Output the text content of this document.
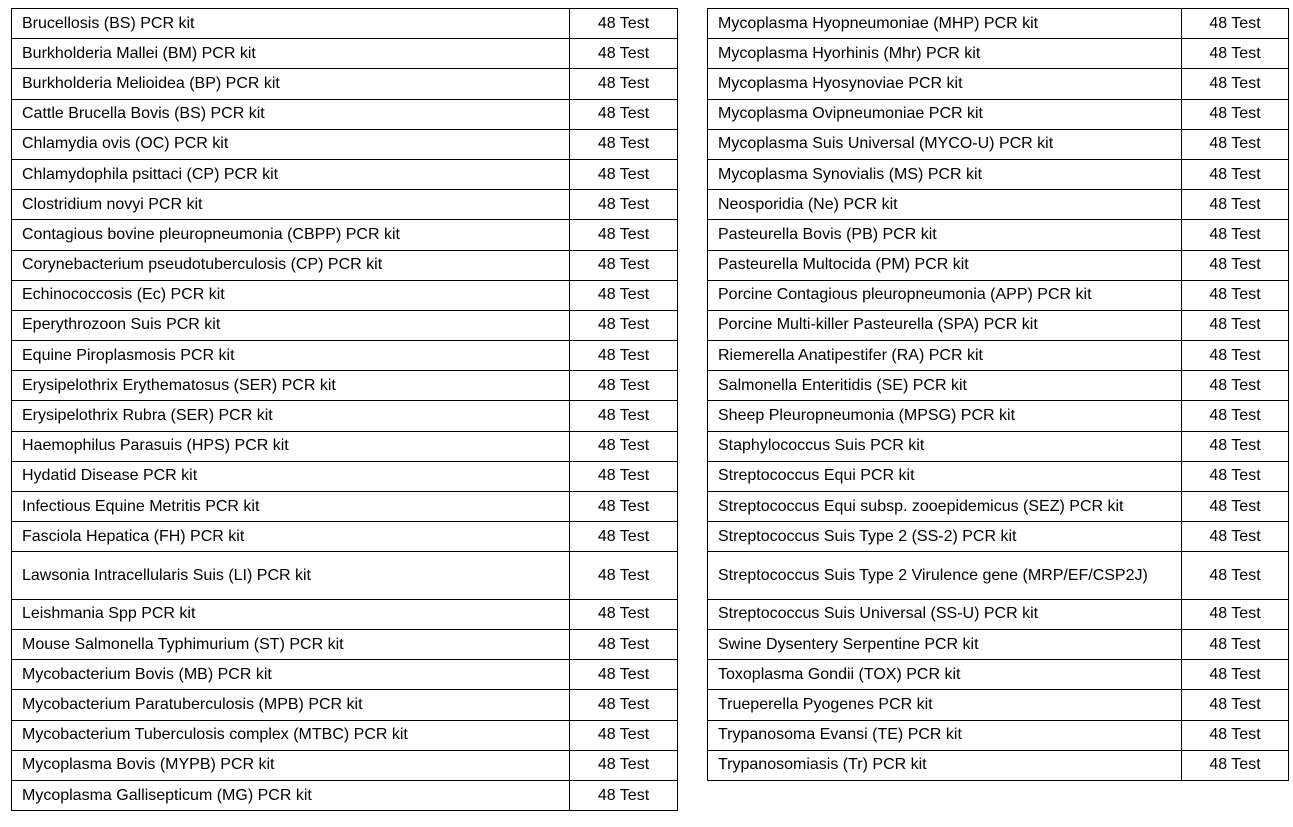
Brucellosis (BS) PCR kit	48 Test
Burkholderia Mallei (BM) PCR kit	48 Test
Burkholderia Melioidea (BP) PCR kit	48 Test
Cattle Brucella Bovis (BS) PCR kit	48 Test
Chlamydia ovis (OC) PCR kit	48 Test
Chlamydophila psittaci (CP) PCR kit	48 Test
Clostridium novyi PCR kit	48 Test
Contagious bovine pleuropneumonia (CBPP) PCR kit	48 Test
Corynebacterium pseudotuberculosis (CP) PCR kit	48 Test
Echinococcosis (Ec) PCR kit	48 Test
Eperythrozoon Suis PCR kit	48 Test
Equine Piroplasmosis PCR kit	48 Test
Erysipelothrix Erythematosus (SER) PCR kit	48 Test
Erysipelothrix Rubra (SER) PCR kit	48 Test
Haemophilus Parasuis (HPS) PCR kit	48 Test
Hydatid Disease PCR kit	48 Test
Infectious Equine Metritis PCR kit	48 Test
Fasciola Hepatica (FH) PCR kit	48 Test
Lawsonia Intracellularis Suis (LI) PCR kit	48 Test
Leishmania Spp PCR kit	48 Test
Mouse Salmonella Typhimurium (ST) PCR kit	48 Test
Mycobacterium Bovis (MB) PCR kit	48 Test
Mycobacterium Paratuberculosis (MPB) PCR kit	48 Test
Mycobacterium Tuberculosis complex (MTBC) PCR kit	48 Test
Mycoplasma Bovis (MYPB) PCR kit	48 Test
Mycoplasma Gallisepticum (MG) PCR kit	48 Test
Mycoplasma Hyopneumoniae (MHP) PCR kit	48 Test
Mycoplasma Hyorhinis (Mhr) PCR kit	48 Test
Mycoplasma Hyosynoviae PCR kit	48 Test
Mycoplasma Ovipneumoniae PCR kit	48 Test
Mycoplasma Suis Universal (MYCO-U) PCR kit	48 Test
Mycoplasma Synovialis (MS) PCR kit	48 Test
Neosporidia (Ne) PCR kit	48 Test
Pasteurella Bovis (PB) PCR kit	48 Test
Pasteurella Multocida (PM) PCR kit	48 Test
Porcine Contagious pleuropneumonia (APP) PCR kit	48 Test
Porcine Multi-killer Pasteurella (SPA) PCR kit	48 Test
Riemerella Anatipestifer (RA) PCR kit	48 Test
Salmonella Enteritidis (SE) PCR kit	48 Test
Sheep Pleuropneumonia (MPSG) PCR kit	48 Test
Staphylococcus Suis PCR kit	48 Test
Streptococcus Equi PCR kit	48 Test
Streptococcus Equi subsp. zooepidemicus (SEZ) PCR kit	48 Test
Streptococcus Suis Type 2 (SS-2) PCR kit	48 Test
Streptococcus Suis Type 2 Virulence gene (MRP/EF/CSP2J)	48 Test
Streptococcus Suis Universal (SS-U) PCR kit	48 Test
Swine Dysentery Serpentine PCR kit	48 Test
Toxoplasma Gondii (TOX) PCR kit	48 Test
Trueperella Pyogenes PCR kit	48 Test
Trypanosoma Evansi (TE) PCR kit	48 Test
Trypanosomiasis (Tr) PCR kit	48 Test
